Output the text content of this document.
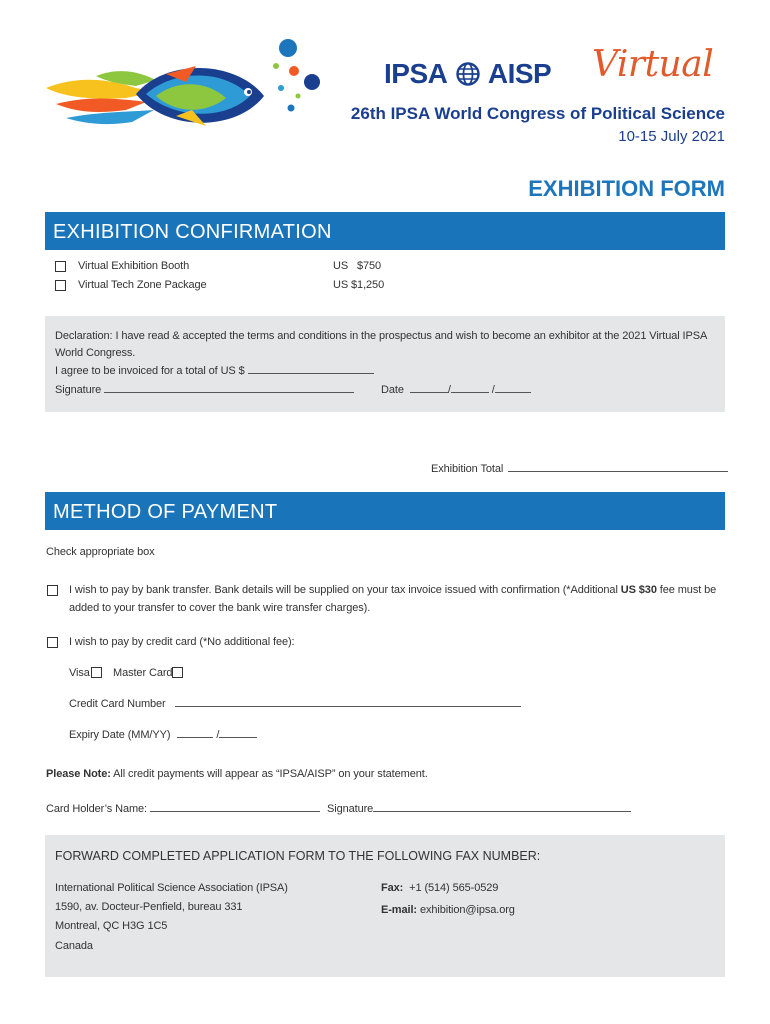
IPSA AISP Virtual
26th IPSA World Congress of Political Science
10-15 July 2021
EXHIBITION FORM
EXHIBITION CONFIRMATION
Virtual Exhibition Booth	US   $750
Virtual Tech Zone Package	US $1,250
Declaration: I have read & accepted the terms and conditions in the prospectus and wish to become an exhibitor at the 2021 Virtual IPSA
World Congress.
I agree to be invoiced for a total of US $
Signature	Date	/	/
Exhibition Total
METHOD OF PAYMENT
Check appropriate box
I wish to pay by bank transfer. Bank details will be supplied on your tax invoice issued with confirmation (*Additional US $30 fee must be
added to your transfer to cover the bank wire transfer charges).
I wish to pay by credit card (*No additional fee):
Visa Master Card
Credit Card Number
Expiry Date (MM/YY)	/
Please Note: All credit payments will appear as “IPSA/AISP” on your statement.
Card Holder’s Name:	Signature
FORWARD COMPLETED APPLICATION FORM TO THE FOLLOWING FAX NUMBER:
International Political Science Association (IPSA)
1590, av. Docteur-Penfield, bureau 331
Montreal, QC H3G 1C5
Canada
Fax: +1 (514) 565-0529
E-mail: exhibition@ipsa.org
